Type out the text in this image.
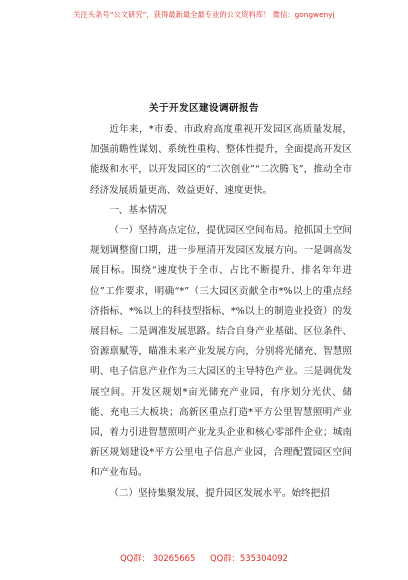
关注头条号“公文研究”，获得最新最全最专业的公文资料库！ 微信：gongwenyj
关于开发区建设调研报告

近年来，*市委、市政府高度重视开发园区高质量发展，加强前瞻性谋划、系统性重构、整体性提升，全面提高开发区能级和水平，以开发园区的“二次创业”“二次腾飞”，推动全市经济发展质量更高、效益更好、速度更快。

一、基本情况

（一）坚持高点定位，提优园区空间布局。抢抓国土空间规划调整窗口期，进一步厘清开发园区发展方向。一是调高发展目标。围绕“速度快于全市、占比不断提升、排名年年进位”工作要求，明确“*”（三大园区贡献全市*%以上的重点经济指标、*%以上的科技型指标、*%以上的制造业投资）的发展目标。二是调准发展思路。结合自身产业基础、区位条件、资源禀赋等，瞄准未来产业发展方向，分别将光储充、智慧照明、电子信息产业作为三大园区的主导特色产业。三是调优发展空间。开发区规划*亩光储充产业园，有序划分光伏、储能、充电三大板块；高新区重点打造*平方公里智慧照明产业园，着力引进智慧照明产业龙头企业和核心零部件企业；城南新区规划建设*平方公里电子信息产业园，合理配置园区空间和产业布局。

（二）坚持集聚发展，提升园区发展水平。始终把招

QQ群： 30265665 QQ群：535304092
